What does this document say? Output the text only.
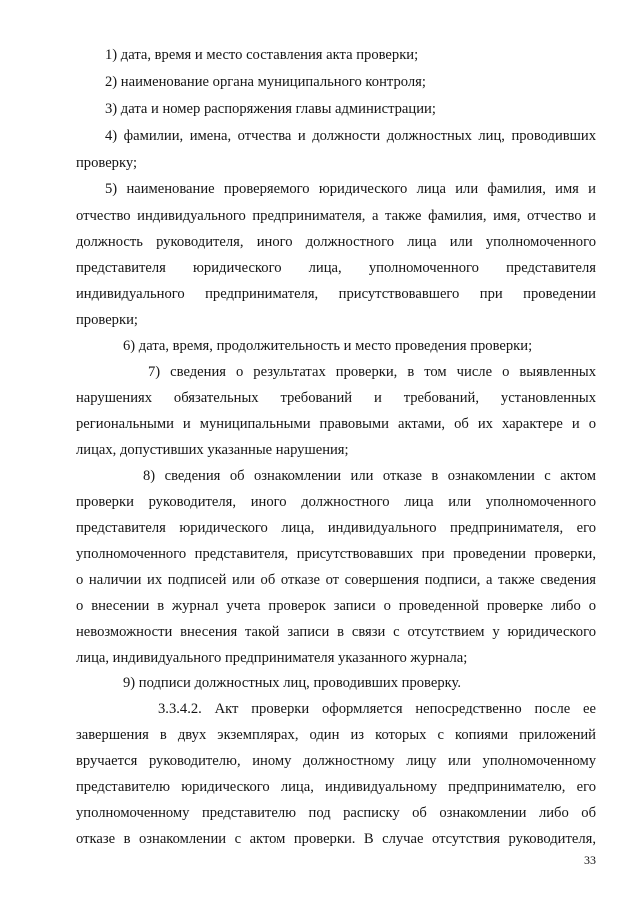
1) дата, время и место составления акта проверки;
2) наименование органа муниципального контроля;
3) дата и номер распоряжения главы администрации;
4) фамилии, имена, отчества и должности должностных лиц, проводивших
проверку;
5) наименование проверяемого юридического лица или фамилия, имя и
отчество индивидуального предпринимателя, а также фамилия, имя, отчество и
должность руководителя, иного должностного лица или уполномоченного
представителя юридического лица, уполномоченного представителя
индивидуального предпринимателя, присутствовавшего при проведении
проверки;
6) дата, время, продолжительность и место проведения проверки;
7) сведения о результатах проверки, в том числе о выявленных
нарушениях обязательных требований и требований, установленных
региональными и муниципальными правовыми актами, об их характере и о
лицах, допустивших указанные нарушения;
8) сведения об ознакомлении или отказе в ознакомлении с актом
проверки руководителя, иного должностного лица или уполномоченного
представителя юридического лица, индивидуального предпринимателя, его
уполномоченного представителя, присутствовавших при проведении проверки,
о наличии их подписей или об отказе от совершения подписи, а также сведения
о внесении в журнал учета проверок записи о проведенной проверке либо о
невозможности внесения такой записи в связи с отсутствием у юридического
лица, индивидуального предпринимателя указанного журнала;
9) подписи должностных лиц, проводивших проверку.
3.3.4.2. Акт проверки оформляется непосредственно после ее
завершения в двух экземплярах, один из которых с копиями приложений
вручается руководителю, иному должностному лицу или уполномоченному
представителю юридического лица, индивидуальному предпринимателю, его
уполномоченному представителю под расписку об ознакомлении либо об
отказе в ознакомлении с актом проверки. В случае отсутствия руководителя,
33
